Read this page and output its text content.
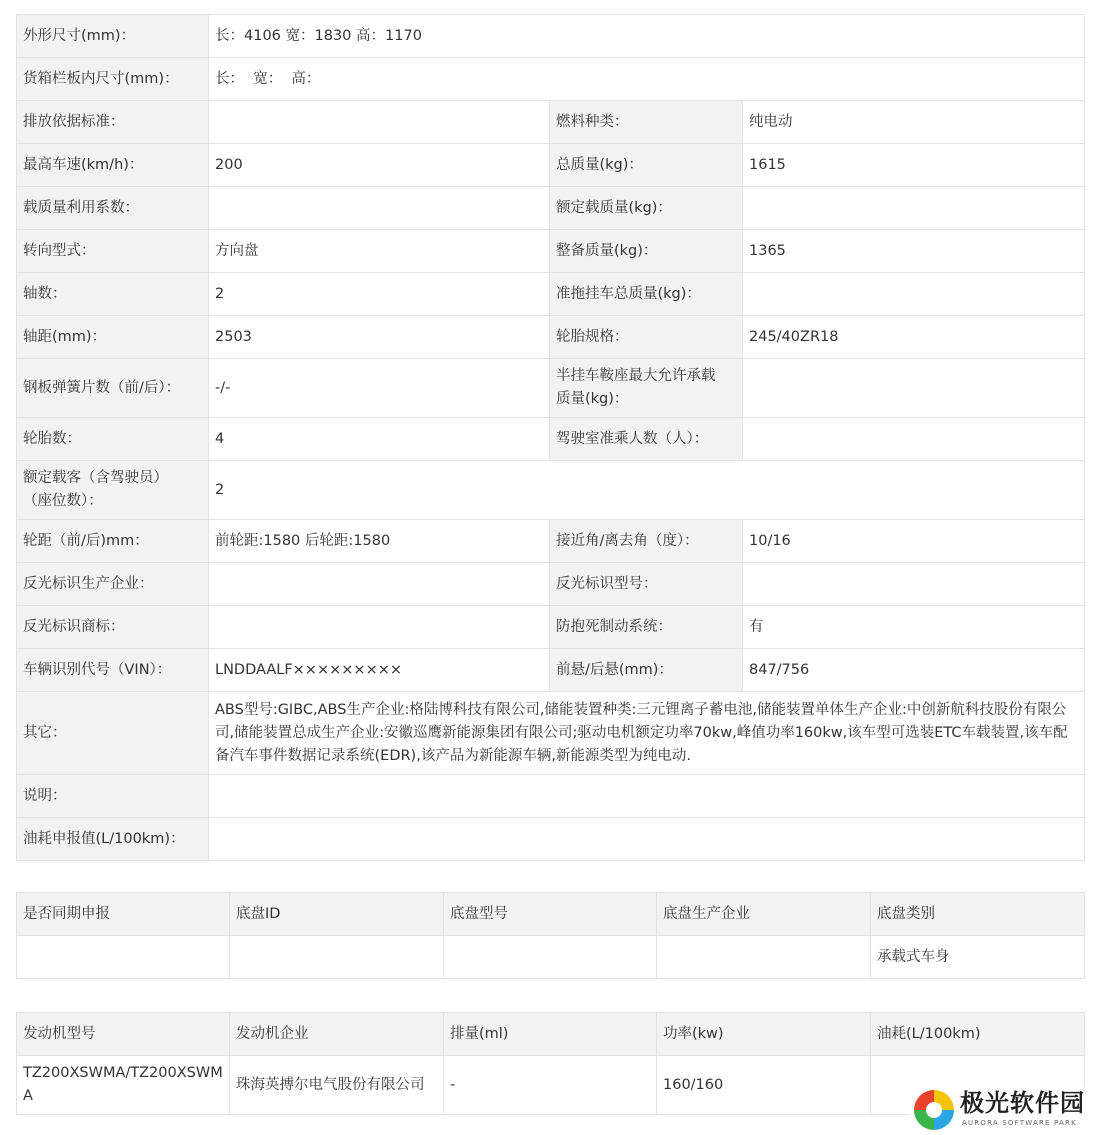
外形尺寸(mm)：	长：4106 宽：1830 高：1170		
货箱栏板内尺寸(mm)：	长：  宽：  高：		
排放依据标准：		燃料种类：	纯电动
最高车速(km/h)：	200	总质量(kg)：	1615
载质量利用系数：		额定载质量(kg)：	
转向型式：	方向盘	整备质量(kg)：	1365
轴数：	2	准拖挂车总质量(kg)：	
轴距(mm)：	2503	轮胎规格：	245/40ZR18
钢板弹簧片数（前/后）：	-/-	半挂车鞍座最大允许承载
质量(kg)：	

轮胎数：	4	驾驶室准乘人数（人）：	

额定载客（含驾驶员）
（座位数）：	2		
轮距（前/后)mm：	前轮距:1580 后轮距:1580	接近角/离去角（度）：	10/16
反光标识生产企业：		反光标识型号：	
反光标识商标：		防抱死制动系统：	有
车辆识别代号（VIN）：	LNDDAALF×××××××××	前悬/后悬(mm)：	847/756
其它：	ABS型号:GIBC,ABS生产企业:格陆博科技有限公司,储能装置种类:三元锂离子蓄电池,储能装置单体生产企业:中创新航科技股份有限公司,储能装置总成生产企业:安徽巡鹰新能源集团有限公司;驱动电机额定功率70kw,峰值功率160kw,该车型可选装ETC车载装置,该车配备汽车事件数据记录系统(EDR),该产品为新能源车辆,新能源类型为纯电动.		
说明：			
油耗申报值(L/100km)：			
是否同期申报	底盘ID	底盘型号	底盘生产企业	底盘类别
				承载式车身
发动机型号	发动机企业	排量(ml)	功率(kw)	油耗(L/100km)
TZ200XSWMA/TZ200XSWMA	珠海英搏尔电气股份有限公司	-	160/160	
极光软件园
AURORA SOFTWARE PARK
